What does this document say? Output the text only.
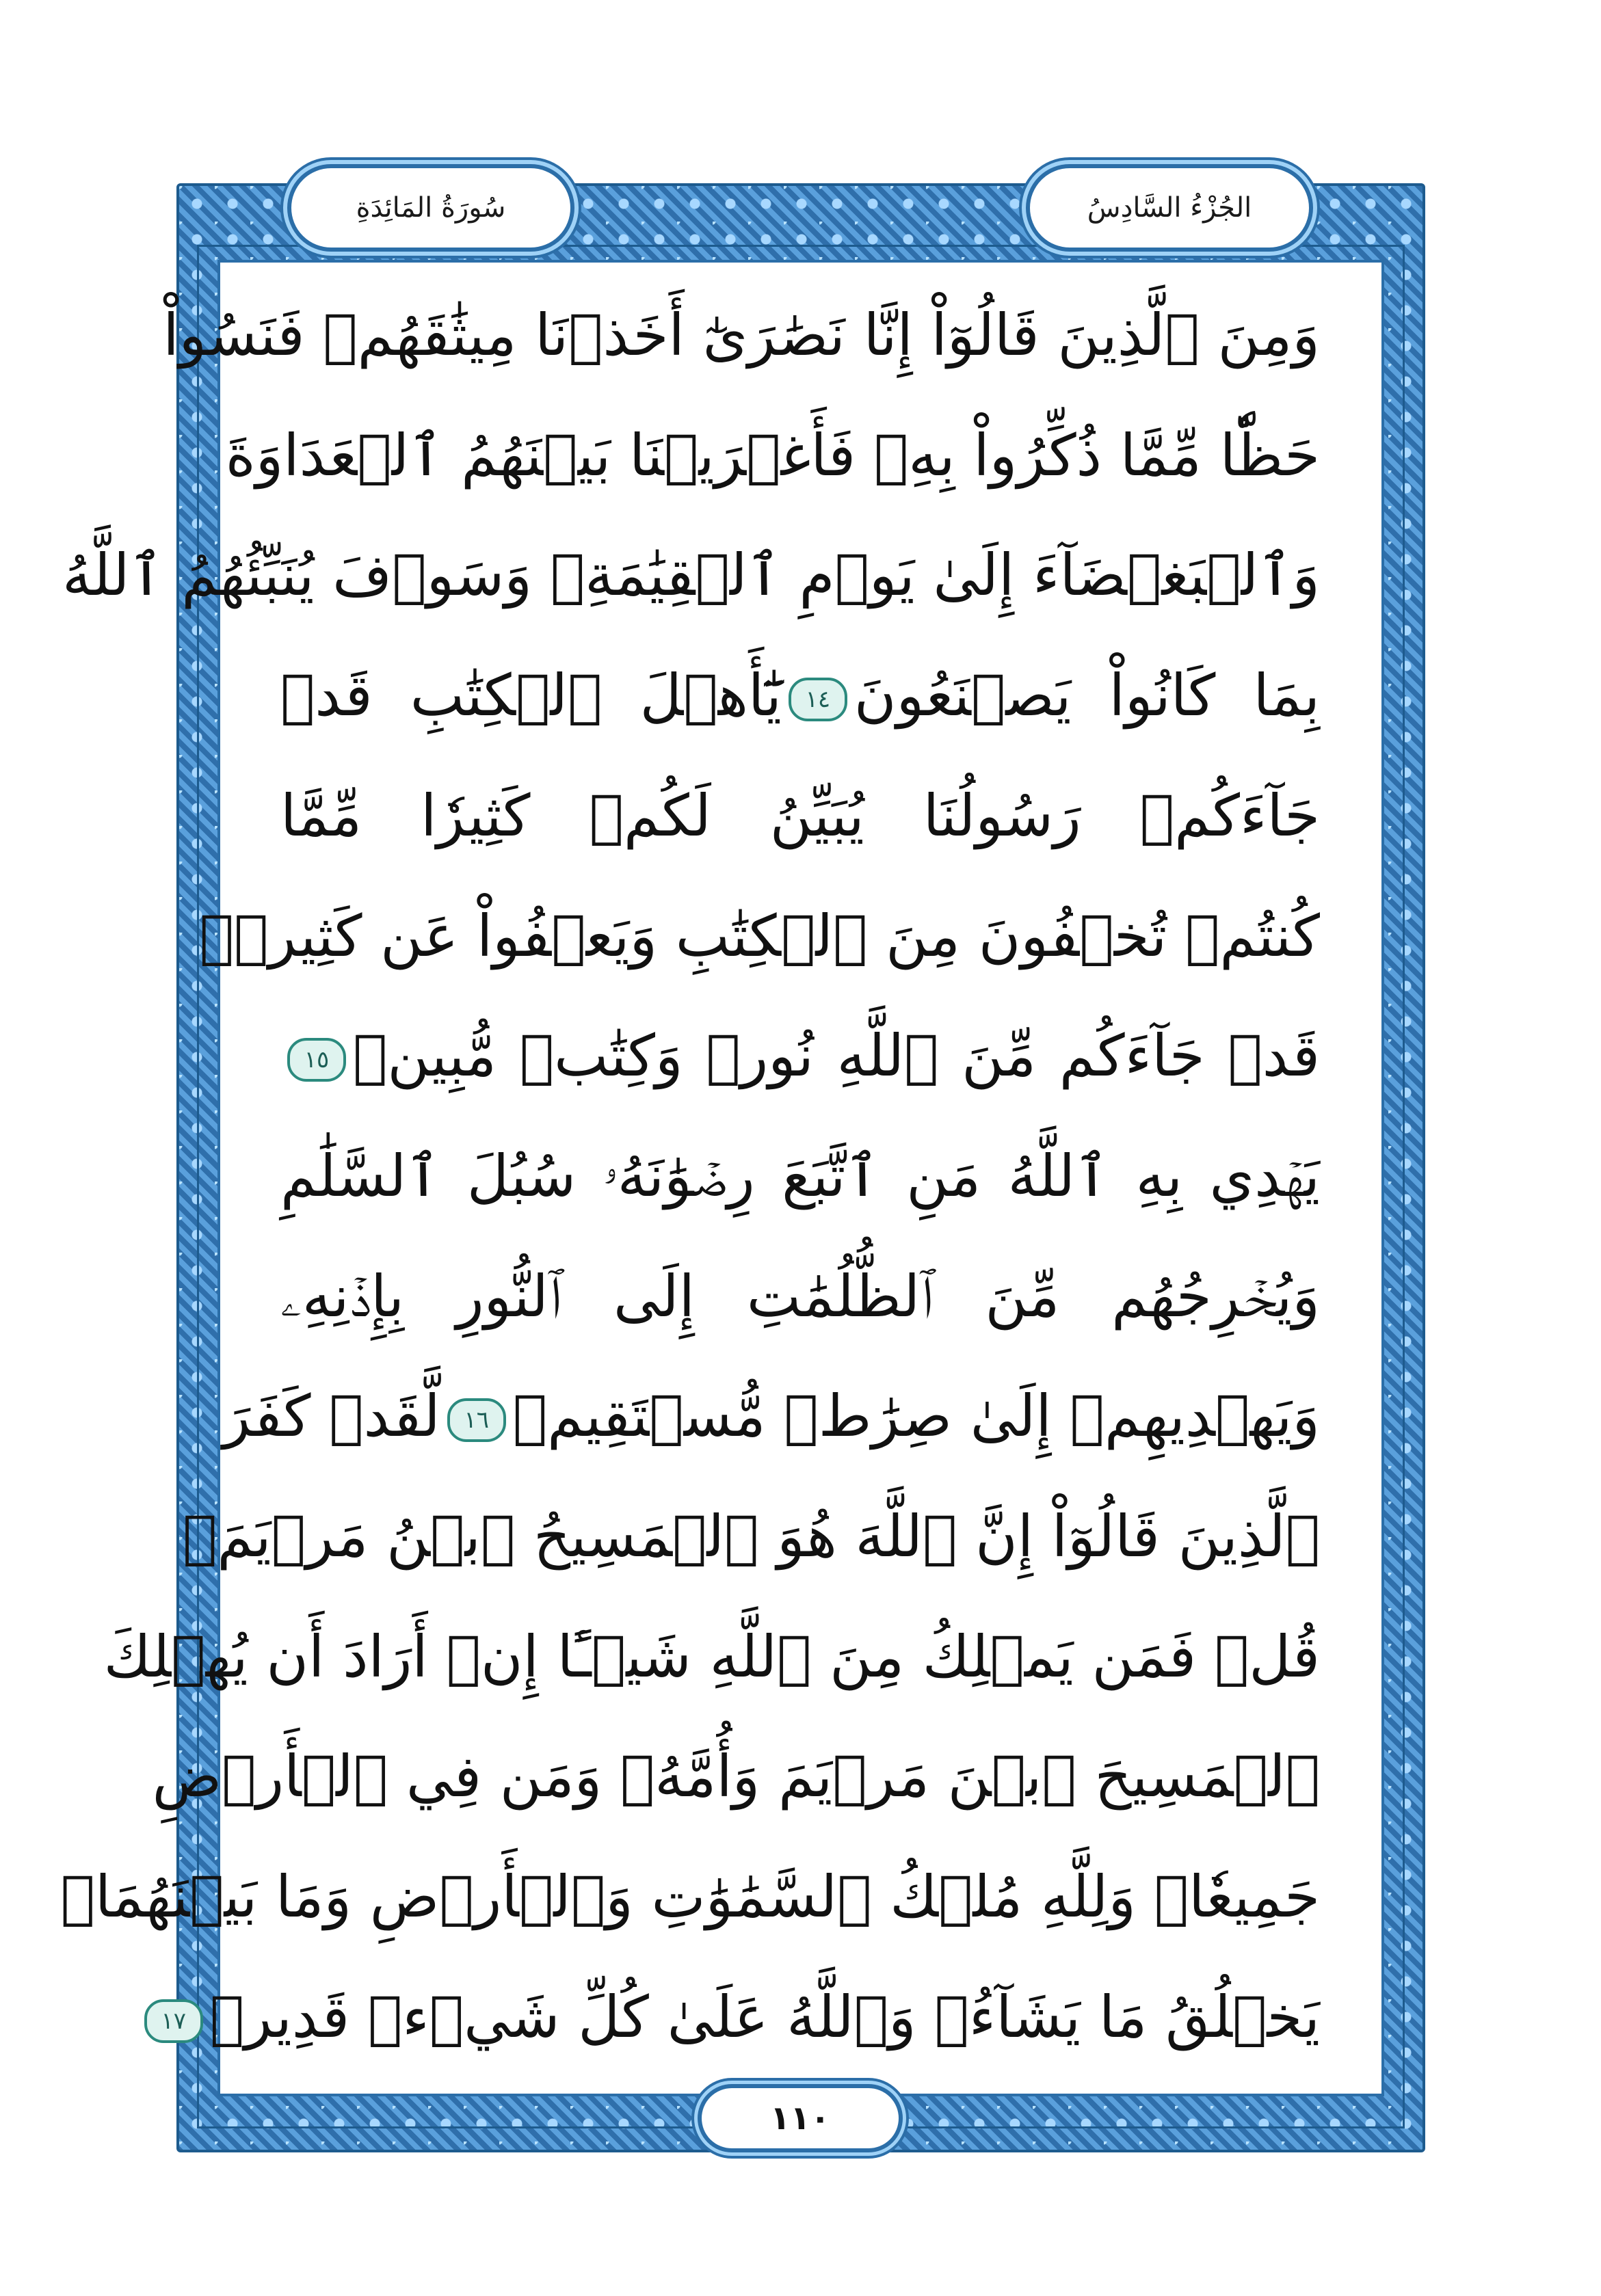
سُورَةُ المَائِدَةِ	الجُزْءُ السَّادِسُ
وَمِنَ ٱلَّذِينَ قَالُوٓاْ إِنَّا نَصَٰرَىٰٓ أَخَذۡنَا مِيثَٰقَهُمۡ فَنَسُواْ
حَظّٗا مِّمَّا ذُكِّرُواْ بِهِۦ فَأَغۡرَيۡنَا بَيۡنَهُمُ ٱلۡعَدَاوَةَ
وَٱلۡبَغۡضَآءَ إِلَىٰ يَوۡمِ ٱلۡقِيَٰمَةِۚ وَسَوۡفَ يُنَبِّئُهُمُ ٱللَّهُ
بِمَا كَانُواْ يَصۡنَعُونَ١٤يَٰٓأَهۡلَ ٱلۡكِتَٰبِ قَدۡ
جَآءَكُمۡ رَسُولُنَا يُبَيِّنُ لَكُمۡ كَثِيرٗا مِّمَّا
كُنتُمۡ تُخۡفُونَ مِنَ ٱلۡكِتَٰبِ وَيَعۡفُواْ عَن كَثِيرٖۚ
قَدۡ جَآءَكُم مِّنَ ٱللَّهِ نُورٞ وَكِتَٰبٞ مُّبِينٞ١٥
يَهۡدِي بِهِ ٱللَّهُ مَنِ ٱتَّبَعَ رِضۡوَٰنَهُۥ سُبُلَ ٱلسَّلَٰمِ
وَيُخۡرِجُهُم مِّنَ ٱلظُّلُمَٰتِ إِلَى ٱلنُّورِ بِإِذۡنِهِۦ
وَيَهۡدِيهِمۡ إِلَىٰ صِرَٰطٖ مُّسۡتَقِيمٖ١٦لَّقَدۡ كَفَرَ
ٱلَّذِينَ قَالُوٓاْ إِنَّ ٱللَّهَ هُوَ ٱلۡمَسِيحُ ٱبۡنُ مَرۡيَمَۚ
قُلۡ فَمَن يَمۡلِكُ مِنَ ٱللَّهِ شَيۡـًٔا إِنۡ أَرَادَ أَن يُهۡلِكَ
ٱلۡمَسِيحَ ٱبۡنَ مَرۡيَمَ وَأُمَّهُۥ وَمَن فِي ٱلۡأَرۡضِ
جَمِيعٗاۗ وَلِلَّهِ مُلۡكُ ٱلسَّمَٰوَٰتِ وَٱلۡأَرۡضِ وَمَا بَيۡنَهُمَاۚ
يَخۡلُقُ مَا يَشَآءُۚ وَٱللَّهُ عَلَىٰ كُلِّ شَيۡءٖ قَدِيرٞ١٧
١١٠
